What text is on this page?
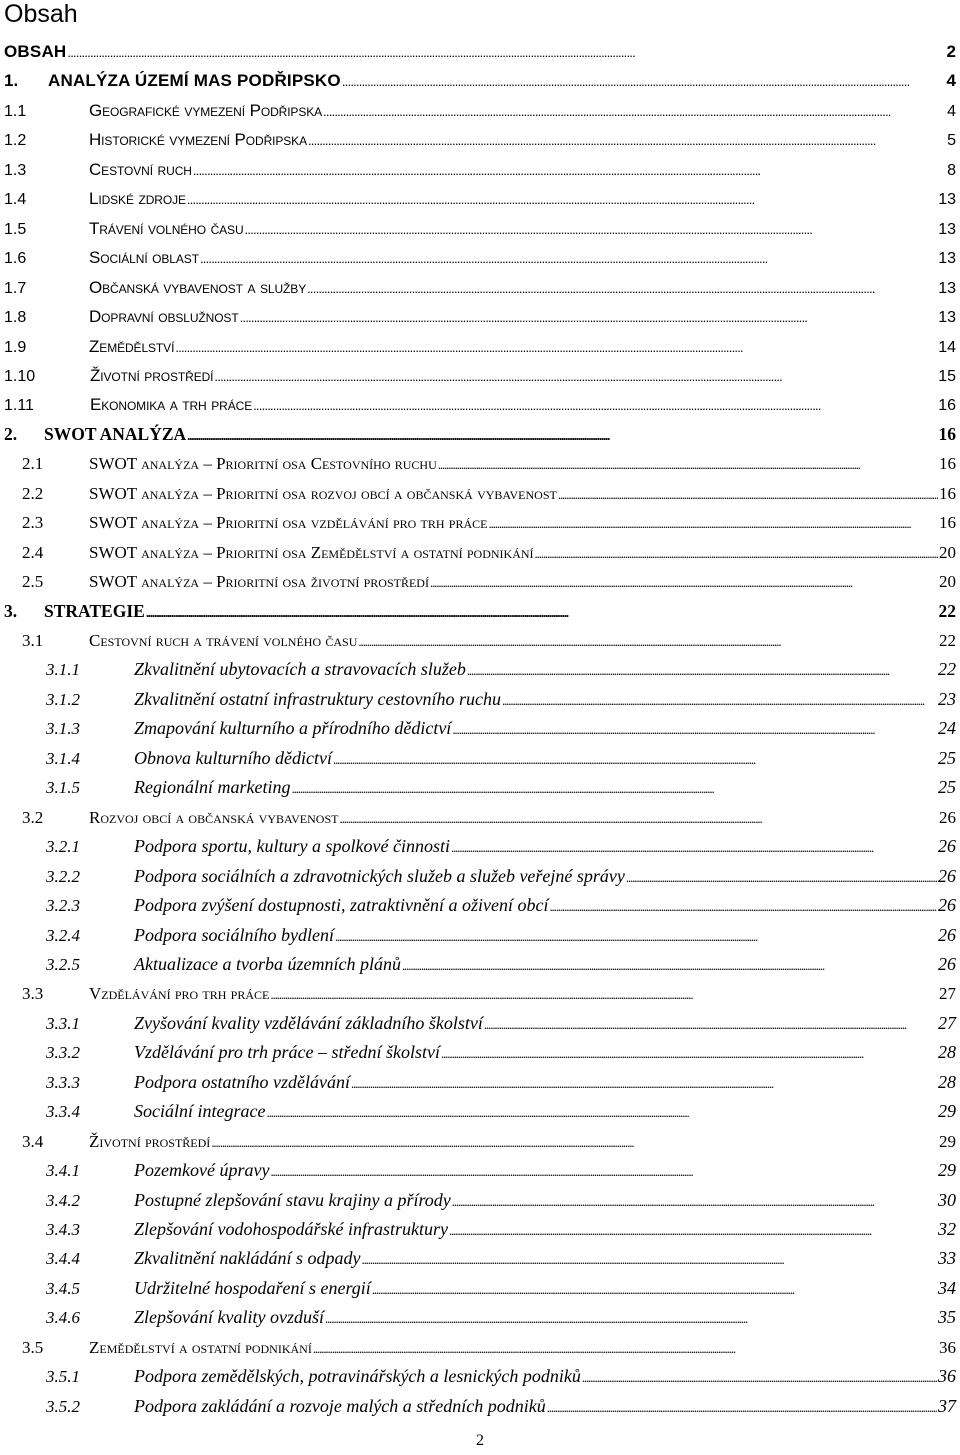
Obsah
OBSAH . . .	2
1.	ANALÝZA ÚZEMÍ MAS PODŘIPSKO . . .	4
1.1	Geografické vymezení Podřipska . . .	4
1.2	Historické vymezení Podřipska . . .	5
1.3	Cestovní ruch . . .	8
1.4	Lidské zdroje . . .	13
1.5	Trávení volného času . . .	13
1.6	Sociální oblast . . .	13
1.7	Občanská vybavenost a služby . . .	13
1.8	Dopravní obslužnost . . .	13
1.9	Zemědělství . . .	14
1.10	Životní prostředí . . .	15
1.11	Ekonomika a trh práce . . .	16
2.	SWOT ANALÝZA . . .	16
2.1	SWOT analýza – Prioritní osa Cestovního ruchu . . .	16
2.2	SWOT analýza – Prioritní osa rozvoj obcí a občanská vybavenost . . .	16
2.3	SWOT analýza – Prioritní osa vzdělávání pro trh práce . . .	16
2.4	SWOT analýza – Prioritní osa Zemědělství a ostatní podnikání . . .	20
2.5	SWOT analýza – Prioritní osa životní prostředí . . .	20
3.	STRATEGIE . . .	22
3.1	Cestovní ruch a trávení volného času . . .	22
3.1.1	Zkvalitnění ubytovacích a stravovacích služeb . . .	22
3.1.2	Zkvalitnění ostatní infrastruktury cestovního ruchu . . .	23
3.1.3	Zmapování kulturního a přírodního dědictví . . .	24
3.1.4	Obnova kulturního dědictví . . .	25
3.1.5	Regionální marketing . . .	25
3.2	Rozvoj obcí a občanská vybavenost . . .	26
3.2.1	Podpora sportu, kultury a spolkové činnosti . . .	26
3.2.2	Podpora sociálních a zdravotnických služeb a služeb veřejné správy . . .	26
3.2.3	Podpora zvýšení dostupnosti, zatraktivnění a oživení obcí . . .	26
3.2.4	Podpora sociálního bydlení . . .	26
3.2.5	Aktualizace a tvorba územních plánů . . .	26
3.3	Vzdělávání pro trh práce . . .	27
3.3.1	Zvyšování kvality vzdělávání základního školství . . .	27
3.3.2	Vzdělávání pro trh práce – střední školství . . .	28
3.3.3	Podpora ostatního vzdělávání . . .	28
3.3.4	Sociální integrace . . .	29
3.4	Životní prostředí . . .	29
3.4.1	Pozemkové úpravy . . .	29
3.4.2	Postupné zlepšování stavu krajiny a přírody . . .	30
3.4.3	Zlepšování vodohospodářské infrastruktury . . .	32
3.4.4	Zkvalitnění nakládání s odpady . . .	33
3.4.5	Udržitelné hospodaření s energií . . .	34
3.4.6	Zlepšování kvality ovzduší . . .	35
3.5	Zemědělství a ostatní podnikání . . .	36
3.5.1	Podpora zemědělských, potravinářských a lesnických podniků . . .	36
3.5.2	Podpora zakládání a rozvoje malých a středních podniků . . .	37
2
